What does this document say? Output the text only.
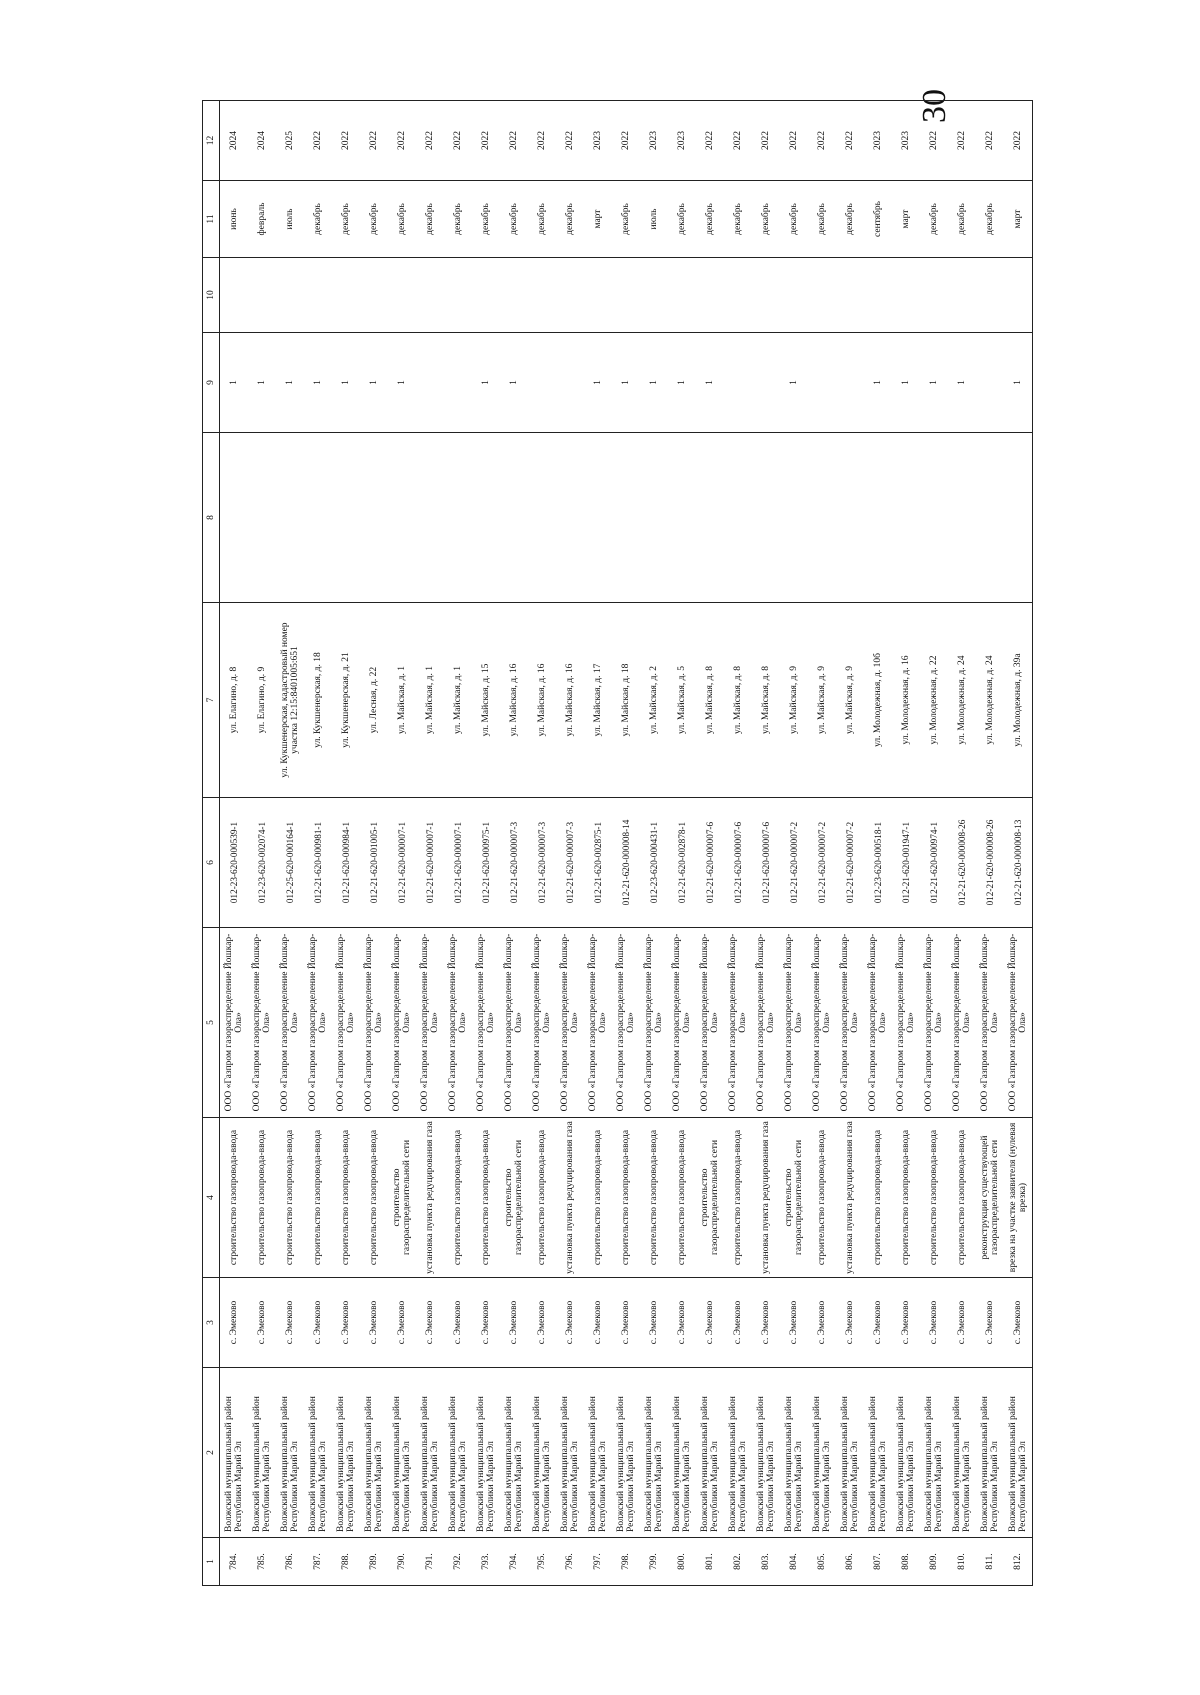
30
1	2	3	4	5	6	7	8	9	10	11	12
784.	Волжский муниципальный район Республики Марий Эл	с. Эмеково	строительство газопровода-ввода	ООО «Газпром газораспределение Йошкар-Ола»	012-23-620-000539-1	ул. Елагино, д. 8		1		июнь	2024
785.	Волжский муниципальный район Республики Марий Эл	с. Эмеково	строительство газопровода-ввода	ООО «Газпром газораспределение Йошкар-Ола»	012-23-620-002074-1	ул. Елагино, д. 9		1		февраль	2024
786.	Волжский муниципальный район Республики Марий Эл	с. Эмеково	строительство газопровода-ввода	ООО «Газпром газораспределение Йошкар-Ола»	012-25-620-000164-1	ул. Кукшенерская, кадастровый номер участка 12:15:8401005:651		1		июль	2025
787.	Волжский муниципальный район Республики Марий Эл	с. Эмеково	строительство газопровода-ввода	ООО «Газпром газораспределение Йошкар-Ола»	012-21-620-000981-1	ул. Кукшенерская, д. 18		1		декабрь	2022
788.	Волжский муниципальный район Республики Марий Эл	с. Эмеково	строительство газопровода-ввода	ООО «Газпром газораспределение Йошкар-Ола»	012-21-620-000984-1	ул. Кукшенерская, д. 21		1		декабрь	2022
789.	Волжский муниципальный район Республики Марий Эл	с. Эмеково	строительство газопровода-ввода	ООО «Газпром газораспределение Йошкар-Ола»	012-21-620-001005-1	ул. Лесная, д. 22		1		декабрь	2022
790.	Волжский муниципальный район Республики Марий Эл	с. Эмеково	строительство газораспределительной сети	ООО «Газпром газораспределение Йошкар-Ола»	012-21-620-000007-1	ул. Майская, д. 1		1		декабрь	2022
791.	Волжский муниципальный район Республики Марий Эл	с. Эмеково	установка пункта редуцирования газа	ООО «Газпром газораспределение Йошкар-Ола»	012-21-620-000007-1	ул. Майская, д. 1				декабрь	2022
792.	Волжский муниципальный район Республики Марий Эл	с. Эмеково	строительство газопровода-ввода	ООО «Газпром газораспределение Йошкар-Ола»	012-21-620-000007-1	ул. Майская, д. 1				декабрь	2022
793.	Волжский муниципальный район Республики Марий Эл	с. Эмеково	строительство газопровода-ввода	ООО «Газпром газораспределение Йошкар-Ола»	012-21-620-000975-1	ул. Майская, д. 15		1		декабрь	2022
794.	Волжский муниципальный район Республики Марий Эл	с. Эмеково	строительство газораспределительной сети	ООО «Газпром газораспределение Йошкар-Ола»	012-21-620-000007-3	ул. Майская, д. 16		1		декабрь	2022
795.	Волжский муниципальный район Республики Марий Эл	с. Эмеково	строительство газопровода-ввода	ООО «Газпром газораспределение Йошкар-Ола»	012-21-620-000007-3	ул. Майская, д. 16				декабрь	2022
796.	Волжский муниципальный район Республики Марий Эл	с. Эмеково	установка пункта редуцирования газа	ООО «Газпром газораспределение Йошкар-Ола»	012-21-620-000007-3	ул. Майская, д. 16				декабрь	2022
797.	Волжский муниципальный район Республики Марий Эл	с. Эмеково	строительство газопровода-ввода	ООО «Газпром газораспределение Йошкар-Ола»	012-21-620-002875-1	ул. Майская, д. 17		1		март	2023
798.	Волжский муниципальный район Республики Марий Эл	с. Эмеково	строительство газопровода-ввода	ООО «Газпром газораспределение Йошкар-Ола»	012-21-620-000008-14	ул. Майская, д. 18		1		декабрь	2022
799.	Волжский муниципальный район Республики Марий Эл	с. Эмеково	строительство газопровода-ввода	ООО «Газпром газораспределение Йошкар-Ола»	012-23-620-000431-1	ул. Майская, д. 2		1		июль	2023
800.	Волжский муниципальный район Республики Марий Эл	с. Эмеково	строительство газопровода-ввода	ООО «Газпром газораспределение Йошкар-Ола»	012-21-620-002878-1	ул. Майская, д. 5		1		декабрь	2023
801.	Волжский муниципальный район Республики Марий Эл	с. Эмеково	строительство газораспределительной сети	ООО «Газпром газораспределение Йошкар-Ола»	012-21-620-000007-6	ул. Майская, д. 8		1		декабрь	2022
802.	Волжский муниципальный район Республики Марий Эл	с. Эмеково	строительство газопровода-ввода	ООО «Газпром газораспределение Йошкар-Ола»	012-21-620-000007-6	ул. Майская, д. 8				декабрь	2022
803.	Волжский муниципальный район Республики Марий Эл	с. Эмеково	установка пункта редуцирования газа	ООО «Газпром газораспределение Йошкар-Ола»	012-21-620-000007-6	ул. Майская, д. 8				декабрь	2022
804.	Волжский муниципальный район Республики Марий Эл	с. Эмеково	строительство газораспределительной сети	ООО «Газпром газораспределение Йошкар-Ола»	012-21-620-000007-2	ул. Майская, д. 9		1		декабрь	2022
805.	Волжский муниципальный район Республики Марий Эл	с. Эмеково	строительство газопровода-ввода	ООО «Газпром газораспределение Йошкар-Ола»	012-21-620-000007-2	ул. Майская, д. 9				декабрь	2022
806.	Волжский муниципальный район Республики Марий Эл	с. Эмеково	установка пункта редуцирования газа	ООО «Газпром газораспределение Йошкар-Ола»	012-21-620-000007-2	ул. Майская, д. 9				декабрь	2022
807.	Волжский муниципальный район Республики Марий Эл	с. Эмеково	строительство газопровода-ввода	ООО «Газпром газораспределение Йошкар-Ола»	012-23-620-000518-1	ул. Молодежная, д. 10б		1		сентябрь	2023
808.	Волжский муниципальный район Республики Марий Эл	с. Эмеково	строительство газопровода-ввода	ООО «Газпром газораспределение Йошкар-Ола»	012-21-620-001947-1	ул. Молодежная, д. 16		1		март	2023
809.	Волжский муниципальный район Республики Марий Эл	с. Эмеково	строительство газопровода-ввода	ООО «Газпром газораспределение Йошкар-Ола»	012-21-620-000974-1	ул. Молодежная, д. 22		1		декабрь	2022
810.	Волжский муниципальный район Республики Марий Эл	с. Эмеково	строительство газопровода-ввода	ООО «Газпром газораспределение Йошкар-Ола»	012-21-620-000008-26	ул. Молодежная, д. 24		1		декабрь	2022
811.	Волжский муниципальный район Республики Марий Эл	с. Эмеково	реконструкция существующей газораспределительной сети	ООО «Газпром газораспределение Йошкар-Ола»	012-21-620-000008-26	ул. Молодежная, д. 24				декабрь	2022
812.	Волжский муниципальный район Республики Марий Эл	с. Эмеково	врезка на участке заявителя (нулевая врезка)	ООО «Газпром газораспределение Йошкар-Ола»	012-21-620-000008-13	ул. Молодежная, д. 39а		1		март	2022
